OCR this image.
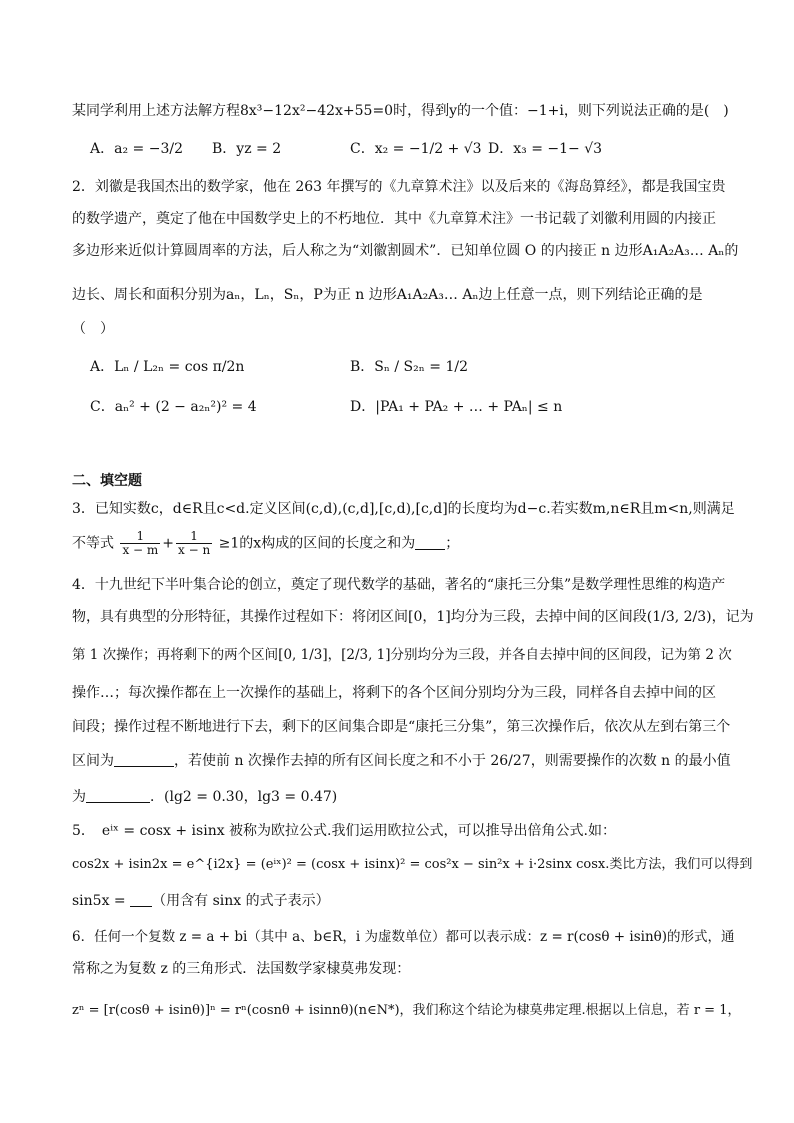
某同学利用上述方法解方程8x³−12x²−42x+55=0时，得到y的一个值：−1+i，则下列说法正确的是(　)
A．a₂ = −3/2 B．yz = 2	C．x₂ = −1/2 + √3 D．x₃ = −1− √3
2．刘徽是我国杰出的数学家，他在 263 年撰写的《九章算术注》以及后来的《海岛算经》，都是我国宝贵
的数学遗产，奠定了他在中国数学史上的不朽地位．其中《九章算术注》一书记载了刘徽利用圆的内接正
多边形来近似计算圆周率的方法，后人称之为“刘徽割圆术”．已知单位圆 O 的内接正 n 边形A₁A₂A₃… Aₙ的
边长、周长和面积分别为aₙ，Lₙ，Sₙ，P为正 n 边形A₁A₂A₃… Aₙ边上任意一点，则下列结论正确的是
（　）
A．Lₙ / L₂ₙ = cos π/2n	B．Sₙ / S₂ₙ = 1/2
C．aₙ² + (2 − a₂ₙ²)² = 4	D．|PA₁ + PA₂ + … + PAₙ| ≤ n
二、填空题
3．已知实数c，d∈R且c<d.定义区间(c,d),(c,d],[c,d),[c,d]的长度均为d−c.若实数m,n∈R且m<n,则满足
不等式 $\frac{1}{x - m} + \frac{1}{x - n} \ge 1$的x构成的区间的长度之和为 ；
4．十九世纪下半叶集合论的创立，奠定了现代数学的基础，著名的“康托三分集”是数学理性思维的构造产
物，具有典型的分形特征，其操作过程如下：将闭区间[0，1]均分为三段，去掉中间的区间段(1/3, 2/3)，记为
第 1 次操作；再将剩下的两个区间[0, 1/3]，[2/3, 1]分别均分为三段，并各自去掉中间的区间段，记为第 2 次
操作…；每次操作都在上一次操作的基础上，将剩下的各个区间分别均分为三段，同样各自去掉中间的区
间段；操作过程不断地进行下去，剩下的区间集合即是“康托三分集”，第三次操作后，依次从左到右第三个
区间为	，若使前 n 次操作去掉的所有区间长度之和不小于 26/27，则需要操作的次数 n 的最小值
为	．(lg2 = 0.30，lg3 = 0.47)
5．　eⁱˣ = cosx + isinx 被称为欧拉公式.我们运用欧拉公式，可以推导出倍角公式.如：
cos2x + isin2x = e^{i2x} = (eⁱˣ)² = (cosx + isinx)² = cos²x − sin²x + i·2sinx cosx.类比方法，我们可以得到
sin5x = （用含有 sinx 的式子表示）
6．任何一个复数 z = a + bi（其中 a、b∈R，i 为虚数单位）都可以表示成：z = r(cosθ + isinθ)的形式，通
常称之为复数 z 的三角形式．法国数学家棣莫弗发现：
zⁿ = [r(cosθ + isinθ)]ⁿ = rⁿ(cosnθ + isinnθ)(n∈N*)，我们称这个结论为棣莫弗定理.根据以上信息，若 r = 1，
